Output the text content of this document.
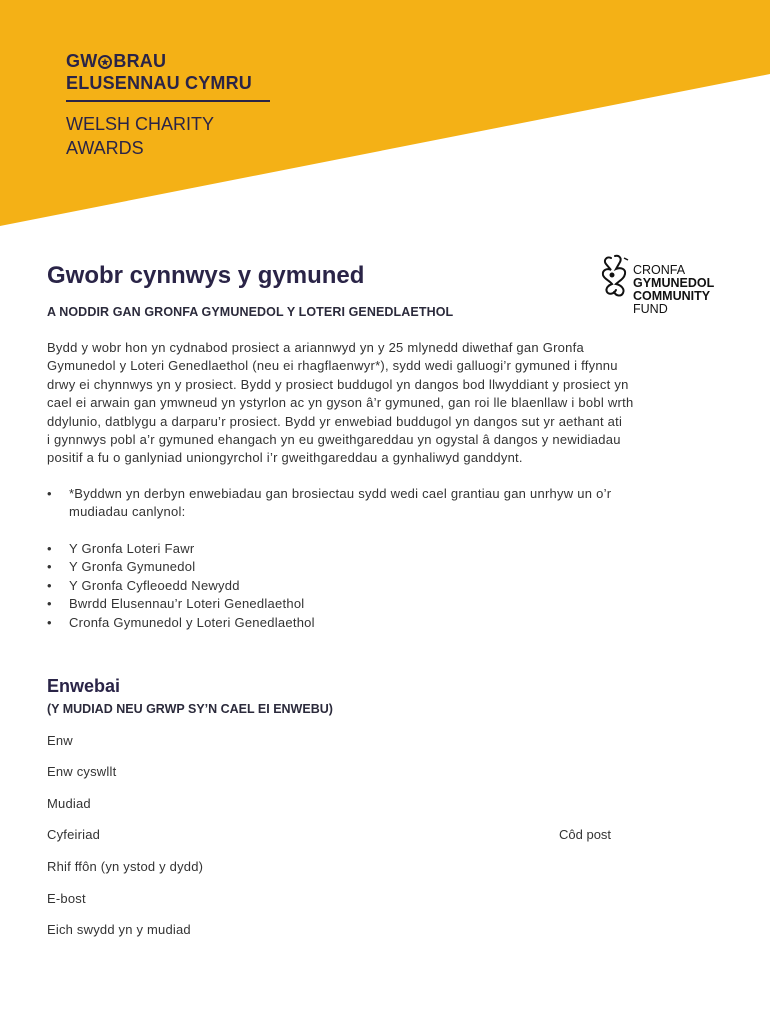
GW BRAU
ELUSENNAU CYMRU
WELSH CHARITY
AWARDS
CRONFA
GYMUNEDOL
COMMUNITY
FUND
Gwobr cynnwys y gymuned
A NODDIR GAN GRONFA GYMUNEDOL Y LOTERI GENEDLAETHOL
Bydd y wobr hon yn cydnabod prosiect a ariannwyd yn y 25 mlynedd diwethaf gan Gronfa
Gymunedol y Loteri Genedlaethol (neu ei rhagflaenwyr*), sydd wedi galluogi’r gymuned i ffynnu
drwy ei chynnwys yn y prosiect. Bydd y prosiect buddugol yn dangos bod llwyddiant y prosiect yn
cael ei arwain gan ymwneud yn ystyrlon ac yn gyson â’r gymuned, gan roi lle blaenllaw i bobl wrth
ddylunio, datblygu a darparu’r prosiect. Bydd yr enwebiad buddugol yn dangos sut yr aethant ati
i gynnwys pobl a’r gymuned ehangach yn eu gweithgareddau yn ogystal â dangos y newidiadau
positif a fu o ganlyniad uniongyrchol i’r gweithgareddau a gynhaliwyd ganddynt.
• *Byddwn yn derbyn enwebiadau gan brosiectau sydd wedi cael grantiau gan unrhyw un o’r
mudiadau canlynol:
• Y Gronfa Loteri Fawr
• Y Gronfa Gymunedol
• Y Gronfa Cyfleoedd Newydd
• Bwrdd Elusennau’r Loteri Genedlaethol
• Cronfa Gymunedol y Loteri Genedlaethol
Enwebai
(Y MUDIAD NEU GRWP SY’N CAEL EI ENWEBU)
Enw
Enw cyswllt
Mudiad
Cyfeiriad	Côd post
Rhif ffôn (yn ystod y dydd)
E-bost
Eich swydd yn y mudiad
